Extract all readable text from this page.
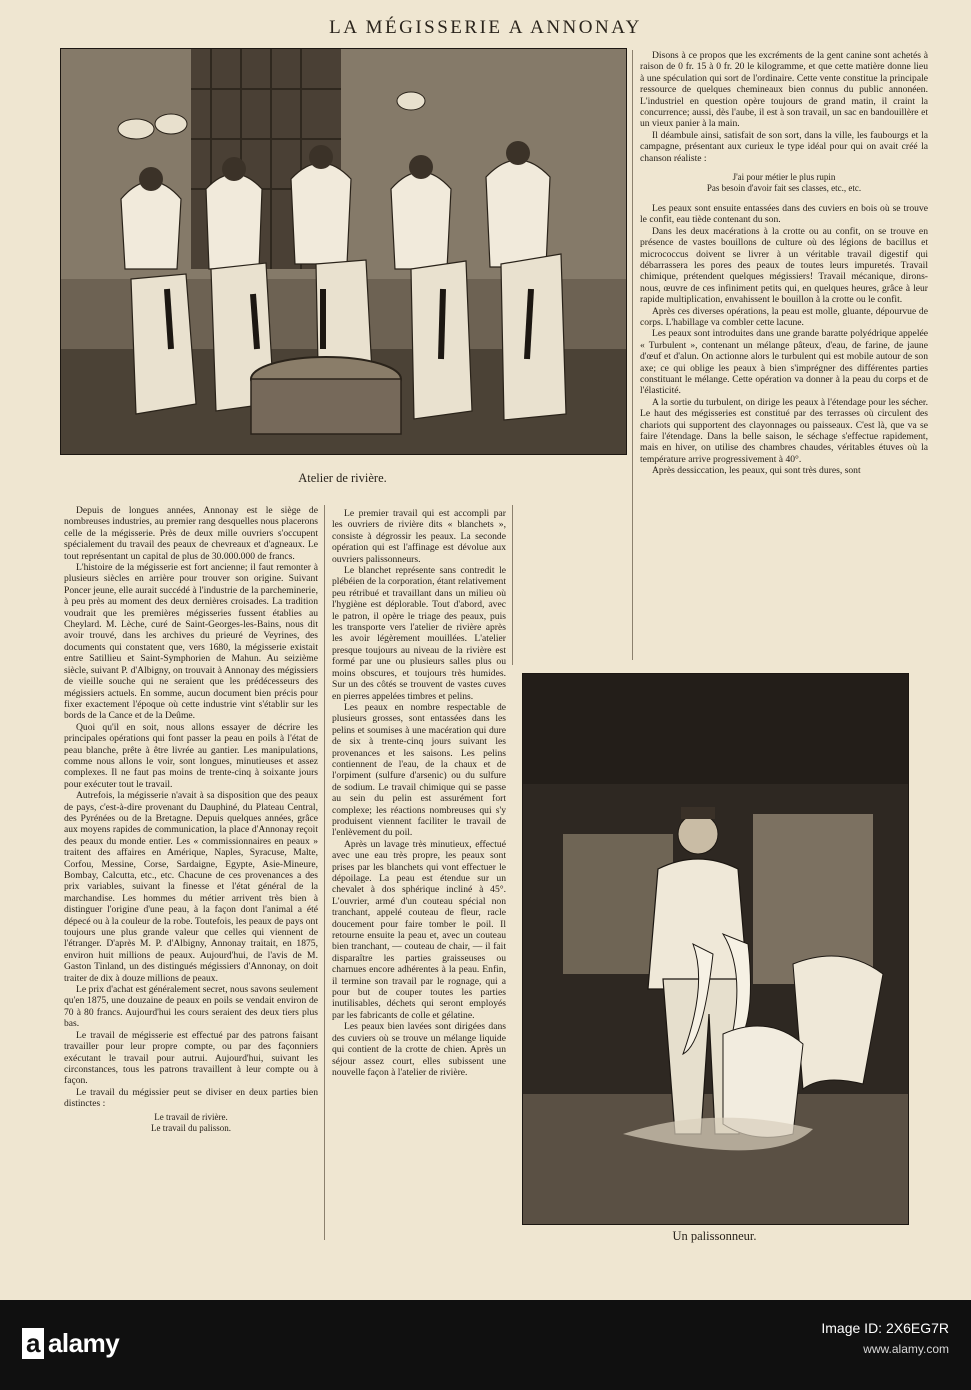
LA MÉGISSERIE A ANNONAY
Atelier de rivière.

Disons à ce propos que les excréments de la gent canine sont achetés à raison de 0 fr. 15 à 0 fr. 20 le kilogramme, et que cette matière donne lieu à une spéculation qui sort de l'ordinaire. Cette vente constitue la principale ressource de quelques chemineaux bien connus du public annonéen. L'industriel en question opère toujours de grand matin, il craint la concurrence; aussi, dès l'aube, il est à son travail, un sac en bandouillère et un vieux panier à la main.

Il déambule ainsi, satisfait de son sort, dans la ville, les faubourgs et la campagne, présentant aux curieux le type idéal pour qui on avait créé la chanson réaliste :

J'ai pour métier le plus rupin
Pas besoin d'avoir fait ses classes, etc., etc.

Les peaux sont ensuite entassées dans des cuviers en bois où se trouve le confit, eau tiède contenant du son.

Dans les deux macérations à la crotte ou au confit, on se trouve en présence de vastes bouillons de culture où des légions de bacillus et micrococcus doivent se livrer à un véritable travail digestif qui débarrassera les pores des peaux de toutes leurs impuretés. Travail chimique, prétendent quelques mégissiers! Travail mécanique, dirons-nous, œuvre de ces infiniment petits qui, en quelques heures, grâce à leur rapide multiplication, envahissent le bouillon à la crotte ou le confit.

Après ces diverses opérations, la peau est molle, gluante, dépourvue de corps. L'habillage va combler cette lacune.

Les peaux sont introduites dans une grande baratte polyédrique appelée « Turbulent », contenant un mélange pâteux, d'eau, de farine, de jaune d'œuf et d'alun. On actionne alors le turbulent qui est mobile autour de son axe; ce qui oblige les peaux à bien s'imprégner des différentes parties constituant le mélange. Cette opération va donner à la peau du corps et de l'élasticité.

A la sortie du turbulent, on dirige les peaux à l'étendage pour les sécher. Le haut des mégisseries est constitué par des terrasses où circulent des chariots qui supportent des clayonnages ou paisseaux. C'est là, que va se faire l'étendage. Dans la belle saison, le séchage s'effectue rapidement, mais en hiver, on utilise des chambres chaudes, véritables étuves où la température arrive progressivement à 40°.

Après dessiccation, les peaux, qui sont très dures, sont

Depuis de longues années, Annonay est le siège de nombreuses industries, au premier rang desquelles nous placerons celle de la mégisserie. Près de deux mille ouvriers s'occupent spécialement du travail des peaux de chevreaux et d'agneaux. Le tout représentant un capital de plus de 30.000.000 de francs.

L'histoire de la mégisserie est fort ancienne; il faut remonter à plusieurs siècles en arrière pour trouver son origine. Suivant Poncer jeune, elle aurait succédé à l'industrie de la parcheminerie, à peu près au moment des deux dernières croisades. La tradition voudrait que les premières mégisseries fussent établies au Cheylard. M. Lèche, curé de Saint-Georges-les-Bains, nous dit avoir trouvé, dans les archives du prieuré de Veyrines, des documents qui constatent que, vers 1680, la mégisserie existait entre Satillieu et Saint-Symphorien de Mahun. Au seizième siècle, suivant P. d'Albigny, on trouvait à Annonay des mégissiers de vieille souche qui ne seraient que les prédécesseurs des mégissiers actuels. En somme, aucun document bien précis pour fixer exactement l'époque où cette industrie vint s'établir sur les bords de la Cance et de la Deûme.

Quoi qu'il en soit, nous allons essayer de décrire les principales opérations qui font passer la peau en poils à l'état de peau blanche, prête à être livrée au gantier. Les manipulations, comme nous allons le voir, sont longues, minutieuses et assez complexes. Il ne faut pas moins de trente-cinq à soixante jours pour exécuter tout le travail.

Autrefois, la mégisserie n'avait à sa disposition que des peaux de pays, c'est-à-dire provenant du Dauphiné, du Plateau Central, des Pyrénées ou de la Bretagne. Depuis quelques années, grâce aux moyens rapides de communication, la place d'Annonay reçoit des peaux du monde entier. Les « commissionnaires en peaux » traitent des affaires en Amérique, Naples, Syracuse, Malte, Corfou, Messine, Corse, Sardaigne, Egypte, Asie-Mineure, Bombay, Calcutta, etc., etc. Chacune de ces provenances a des prix variables, suivant la finesse et l'état général de la marchandise. Les hommes du métier arrivent très bien à distinguer l'origine d'une peau, à la façon dont l'animal a été dépecé ou à la couleur de la robe. Toutefois, les peaux de pays ont toujours une plus grande valeur que celles qui viennent de l'étranger. D'après M. P. d'Albigny, Annonay traitait, en 1875, environ huit millions de peaux. Aujourd'hui, de l'avis de M. Gaston Tinland, un des distingués mégissiers d'Annonay, on doit traiter de dix à douze millions de peaux.

Le prix d'achat est généralement secret, nous savons seulement qu'en 1875, une douzaine de peaux en poils se vendait environ de 70 à 80 francs. Aujourd'hui les cours seraient des deux tiers plus bas.

Le travail de mégisserie est effectué par des patrons faisant travailler pour leur propre compte, ou par des façonniers exécutant le travail pour autrui. Aujourd'hui, suivant les circonstances, tous les patrons travaillent à leur compte ou à façon.

Le travail du mégissier peut se diviser en deux parties bien distinctes :

Le travail de rivière.
Le travail du palisson.

Le premier travail qui est accompli par les ouvriers de rivière dits « blanchets », consiste à dégrossir les peaux. La seconde opération qui est l'affinage est dévolue aux ouvriers palissonneurs.

Le blanchet représente sans contredit le plébéien de la corporation, étant relativement peu rétribué et travaillant dans un milieu où l'hygiène est déplorable. Tout d'abord, avec le patron, il opère le triage des peaux, puis les transporte vers l'atelier de rivière après les avoir légèrement mouillées. L'atelier presque toujours au niveau de la rivière est formé par une ou plusieurs salles plus ou moins obscures, et toujours très humides. Sur un des côtés se trouvent de vastes cuves en pierres appelées timbres et pelins.

Les peaux en nombre respectable de plusieurs grosses, sont entassées dans les pelins et soumises à une macération qui dure de six à trente-cinq jours suivant les provenances et les saisons. Les pelins contiennent de l'eau, de la chaux et de l'orpiment (sulfure d'arsenic) ou du sulfure de sodium. Le travail chimique qui se passe au sein du pelin est assurément fort complexe; les réactions nombreuses qui s'y produisent viennent faciliter le travail de l'enlèvement du poil.

Après un lavage très minutieux, effectué avec une eau très propre, les peaux sont prises par les blanchets qui vont effectuer le dépoilage. La peau est étendue sur un chevalet à dos sphérique incliné à 45°. L'ouvrier, armé d'un couteau spécial non tranchant, appelé couteau de fleur, racle doucement pour faire tomber le poil. Il retourne ensuite la peau et, avec un couteau bien tranchant, — couteau de chair, — il fait disparaître les parties graisseuses ou charnues encore adhérentes à la peau. Enfin, il termine son travail par le rognage, qui a pour but de couper toutes les parties inutilisables, déchets qui seront employés par les fabricants de colle et gélatine.

Les peaux bien lavées sont dirigées dans des cuviers où se trouve un mélange liquide qui contient de la crotte de chien. Après un séjour assez court, elles subissent une nouvelle façon à l'atelier de rivière.

Un palissonneur.
a alamy	Image ID: 2X6EG7R
www.alamy.com
